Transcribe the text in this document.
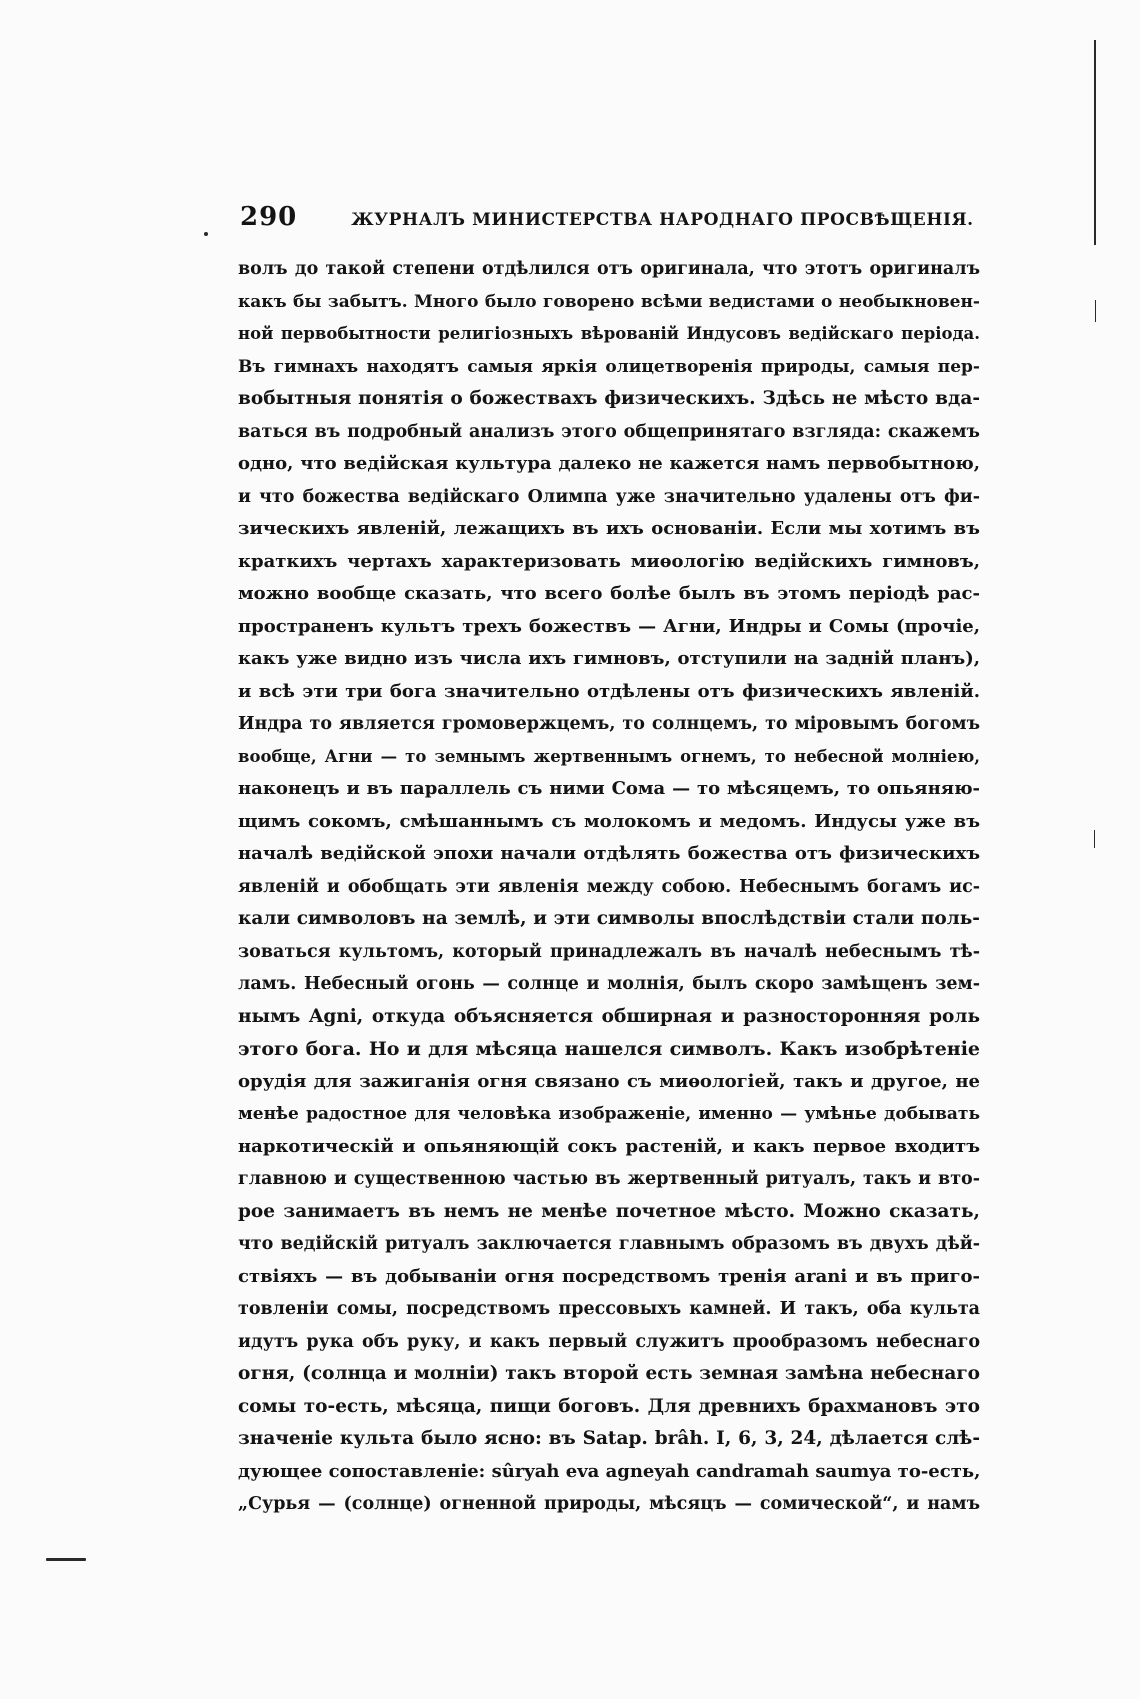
290	ЖУРНАЛЪ МИНИСТЕРСТВА НАРОДНАГО ПРОСВѢЩЕНІЯ.
волъ до такой степени отдѣлился отъ оригинала, что этотъ оригиналъ
какъ бы забытъ. Много было говорено всѣми ведистами о необыкновен-
ной первобытности религіозныхъ вѣрованій Индусовъ ведійскаго періода.
Въ гимнахъ находятъ самыя яркія олицетворенія природы, самыя пер-
вобытныя понятія о божествахъ физическихъ. Здѣсь не мѣсто вда-
ваться въ подробный анализъ этого общепринятаго взгляда: скажемъ
одно, что ведійская культура далеко не кажется намъ первобытною,
и что божества ведійскаго Олимпа уже значительно удалены отъ фи-
зическихъ явленій, лежащихъ въ ихъ основаніи. Если мы хотимъ въ
краткихъ чертахъ характеризовать миѳологію ведійскихъ гимновъ,
можно вообще сказать, что всего болѣе былъ въ этомъ періодѣ рас-
пространенъ культъ трехъ божествъ — Агни, Индры и Сомы (прочіе,
какъ уже видно изъ числа ихъ гимновъ, отступили на задній планъ),
и всѣ эти три бога значительно отдѣлены отъ физическихъ явленій.
Индра то является громовержцемъ, то солнцемъ, то міровымъ богомъ
вообще, Агни — то земнымъ жертвеннымъ огнемъ, то небесной молніею,
наконецъ и въ параллель съ ними Сома — то мѣсяцемъ, то опьяняю-
щимъ сокомъ, смѣшаннымъ съ молокомъ и медомъ. Индусы уже въ
началѣ ведійской эпохи начали отдѣлять божества отъ физическихъ
явленій и обобщать эти явленія между собою. Небеснымъ богамъ ис-
кали символовъ на землѣ, и эти символы впослѣдствіи стали поль-
зоваться культомъ, который принадлежалъ въ началѣ небеснымъ тѣ-
ламъ. Небесный огонь — солнце и молнія, былъ скоро замѣщенъ зем-
нымъ Agni, откуда объясняется обширная и разносторонняя роль
этого бога. Но и для мѣсяца нашелся символъ. Какъ изобрѣтеніе
орудія для зажиганія огня связано съ миѳологіей, такъ и другое, не
менѣе радостное для человѣка изображеніе, именно — умѣнье добывать
наркотическій и опьяняющій сокъ растеній, и какъ первое входитъ
главною и существенною частью въ жертвенный ритуалъ, такъ и вто-
рое занимаетъ въ немъ не менѣе почетное мѣсто. Можно сказать,
что ведійскій ритуалъ заключается главнымъ образомъ въ двухъ дѣй-
ствіяхъ — въ добываніи огня посредствомъ тренія arani и въ приго-
товленіи сомы, посредствомъ прессовыхъ камней. И такъ, оба культа
идутъ рука объ руку, и какъ первый служитъ прообразомъ небеснаго
огня, (солнца и молніи) такъ второй есть земная замѣна небеснаго
сомы то-есть, мѣсяца, пищи боговъ. Для древнихъ брахмановъ это
значеніе культа было ясно: въ Satap. brâh. I, 6, 3, 24, дѣлается слѣ-
дующее сопоставленіе: sûryah eva agneyah candramah saumya то-есть,
„Сурья — (солнце) огненной природы, мѣсяцъ — сомической“, и намъ
